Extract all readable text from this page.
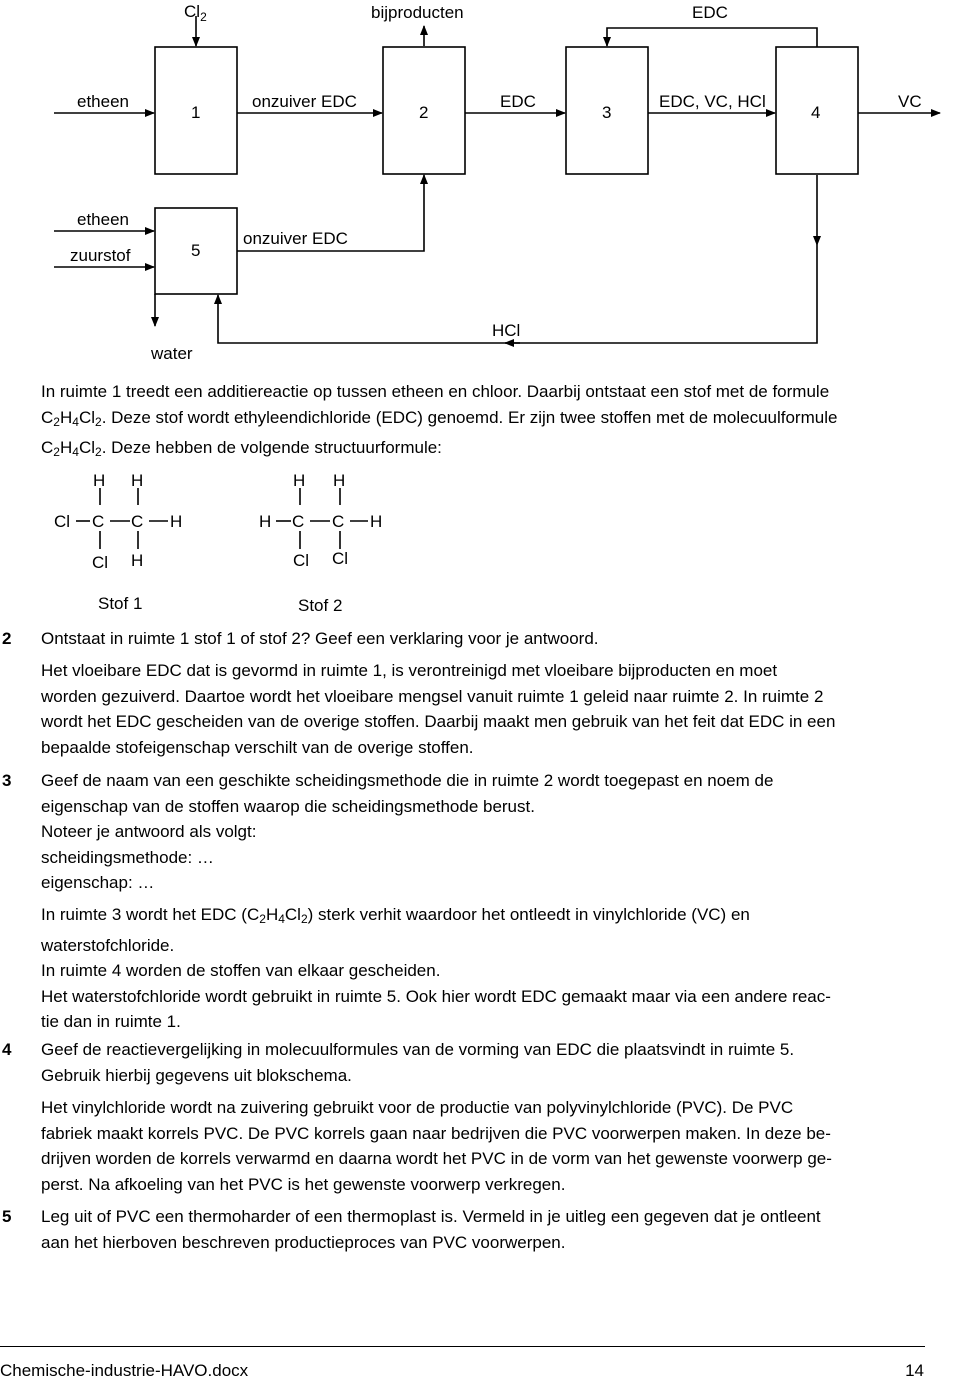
$Cl_2$	bijproducten	EDC
1	2	3	4
5
etheen	onzuiver EDC	EDC	EDC, VC, HCl	VC
etheen
zuurstof
onzuiver EDC
HCl
water
In ruimte 1 treedt een additiereactie op tussen etheen en chloor. Daarbij ontstaat een stof met de formule
$C_2H_4Cl_2$. Deze stof wordt ethyleendichloride (EDC) genoemd. Er zijn twee stoffen met de molecuulformule
$C_2H_4Cl_2$. Deze hebben de volgende structuurformule:
H H
Cl C C H
Cl H
Stof 1
H H
H C C H
Cl Cl
Stof 2
2 Ontstaat in ruimte 1 stof 1 of stof 2? Geef een verklaring voor je antwoord.
Het vloeibare EDC dat is gevormd in ruimte 1, is verontreinigd met vloeibare bijproducten en moet
worden gezuiverd. Daartoe wordt het vloeibare mengsel vanuit ruimte 1 geleid naar ruimte 2. In ruimte 2
wordt het EDC gescheiden van de overige stoffen. Daarbij maakt men gebruik van het feit dat EDC in een
bepaalde stofeigenschap verschilt van de overige stoffen.
3 Geef de naam van een geschikte scheidingsmethode die in ruimte 2 wordt toegepast en noem de
eigenschap van de stoffen waarop die scheidingsmethode berust.
Noteer je antwoord als volgt:
scheidingsmethode: …
eigenschap: …
In ruimte 3 wordt het EDC $(C_2H_4Cl_2)$ sterk verhit waardoor het ontleedt in vinylchloride (VC) en
waterstofchloride.
In ruimte 4 worden de stoffen van elkaar gescheiden.
Het waterstofchloride wordt gebruikt in ruimte 5. Ook hier wordt EDC gemaakt maar via een andere reac-
tie dan in ruimte 1.
4 Geef de reactievergelijking in molecuulformules van de vorming van EDC die plaatsvindt in ruimte 5.
Gebruik hierbij gegevens uit blokschema.
Het vinylchloride wordt na zuivering gebruikt voor de productie van polyvinylchloride (PVC). De PVC
fabriek maakt korrels PVC. De PVC korrels gaan naar bedrijven die PVC voorwerpen maken. In deze be-
drijven worden de korrels verwarmd en daarna wordt het PVC in de vorm van het gewenste voorwerp ge-
perst. Na afkoeling van het PVC is het gewenste voorwerp verkregen.
5 Leg uit of PVC een thermoharder of een thermoplast is. Vermeld in je uitleg een gegeven dat je ontleent
aan het hierboven beschreven productieproces van PVC voorwerpen.
Chemische-industrie-HAVO.docx	14
